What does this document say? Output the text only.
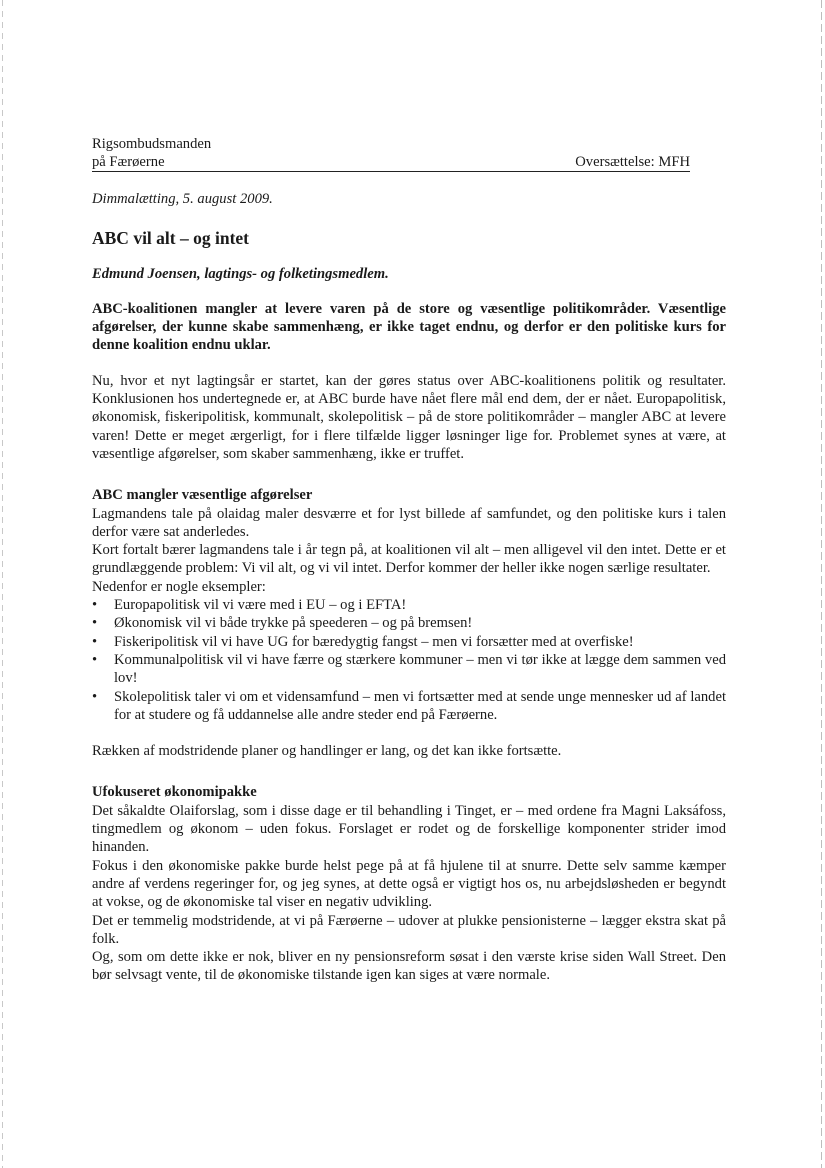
Rigsombudsmanden
på Færøerne	Oversættelse: MFH
Dimmalætting, 5. august 2009.
ABC vil alt – og intet
Edmund Joensen, lagtings- og folketingsmedlem.
ABC-koalitionen mangler at levere varen på de store og væsentlige politikområder. Væsentlige afgørelser, der kunne skabe sammenhæng, er ikke taget endnu, og derfor er den politiske kurs for denne koalition endnu uklar.
Nu, hvor et nyt lagtingsår er startet, kan der gøres status over ABC-koalitionens politik og resultater. Konklusionen hos undertegnede er, at ABC burde have nået flere mål end dem, der er nået. Europapolitisk, økonomisk, fiskeripolitisk, kommunalt, skolepolitisk – på de store politikområder – mangler ABC at levere varen! Dette er meget ærgerligt, for i flere tilfælde ligger løsninger lige for. Problemet synes at være, at væsentlige afgørelser, som skaber sammenhæng, ikke er truffet.
ABC mangler væsentlige afgørelser

Lagmandens tale på olaidag maler desværre et for lyst billede af samfundet, og den politiske kurs i talen derfor være sat anderledes.

Kort fortalt bærer lagmandens tale i år tegn på, at koalitionen vil alt – men alligevel vil den intet. Dette er et grundlæggende problem: Vi vil alt, og vi vil intet. Derfor kommer der heller ikke nogen særlige resultater.

Nedenfor er nogle eksempler:

• Europapolitisk vil vi være med i EU – og i EFTA!
• Økonomisk vil vi både trykke på speederen – og på bremsen!
• Fiskeripolitisk vil vi have UG for bæredygtig fangst – men vi forsætter med at overfiske!
• Kommunalpolitisk vil vi have færre og stærkere kommuner – men vi tør ikke at lægge dem sammen ved lov!
• Skolepolitisk taler vi om et vidensamfund – men vi fortsætter med at sende unge mennesker ud af landet for at studere og få uddannelse alle andre steder end på Færøerne.
Rækken af modstridende planer og handlinger er lang, og det kan ikke fortsætte.
Ufokuseret økonomipakke

Det såkaldte Olaiforslag, som i disse dage er til behandling i Tinget, er – med ordene fra Magni Laksáfoss, tingmedlem og økonom – uden fokus. Forslaget er rodet og de forskellige komponenter strider imod hinanden.

Fokus i den økonomiske pakke burde helst pege på at få hjulene til at snurre. Dette selv samme kæmper andre af verdens regeringer for, og jeg synes, at dette også er vigtigt hos os, nu arbejdsløsheden er begyndt at vokse, og de økonomiske tal viser en negativ udvikling.

Det er temmelig modstridende, at vi på Færøerne – udover at plukke pensionisterne – lægger ekstra skat på folk.

Og, som om dette ikke er nok, bliver en ny pensionsreform søsat i den værste krise siden Wall Street. Den bør selvsagt vente, til de økonomiske tilstande igen kan siges at være normale.
